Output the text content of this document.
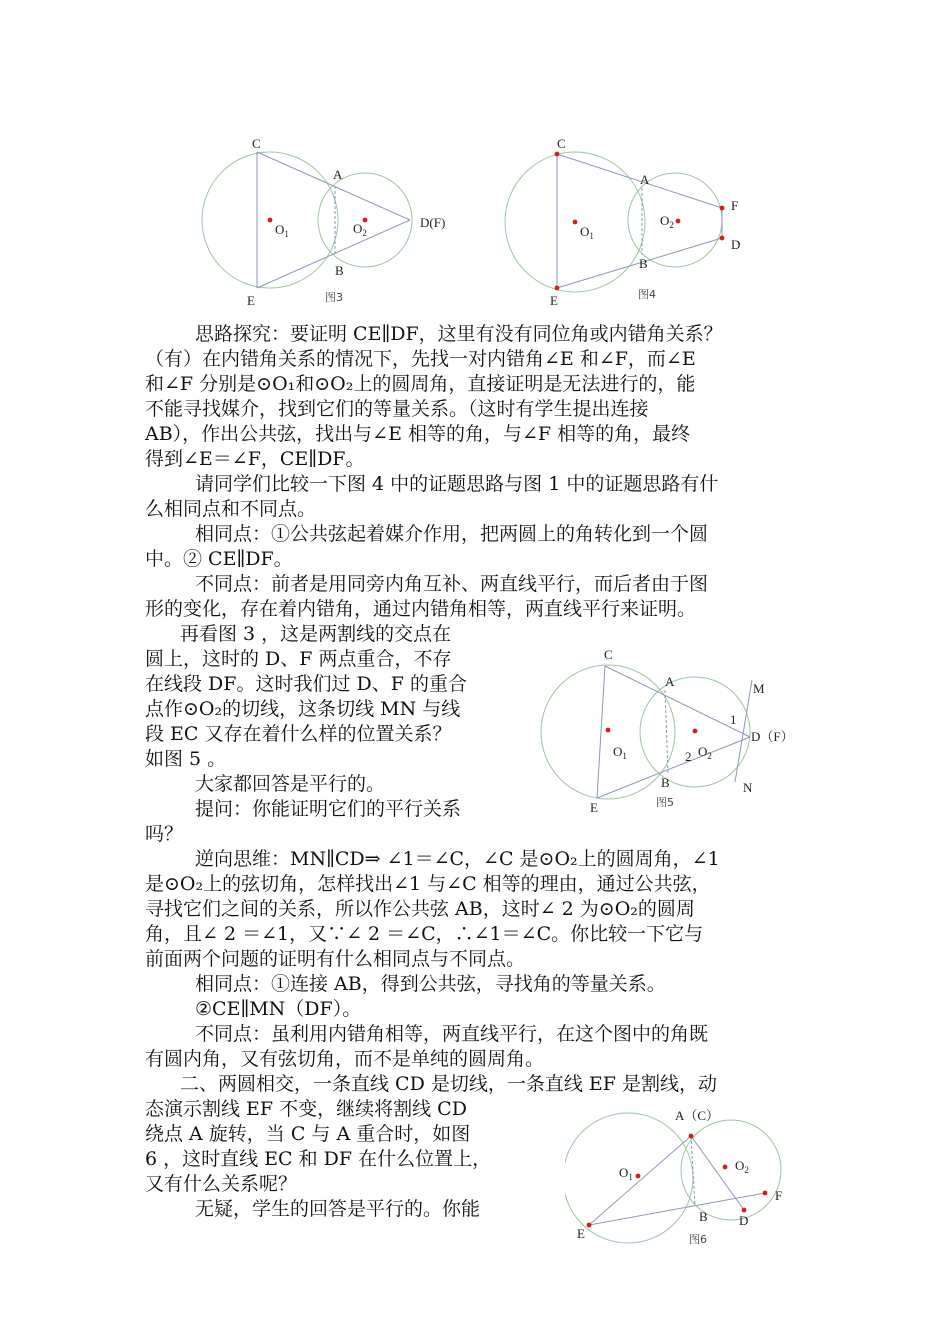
C
A
$O_1$	$O_2$
D(F)
B
E	图3
C
A
$O_1$
$O_2$
F
D
B
E	图4
C
A	M
1
2
$O_1$	$O_2$
D（F）
B	N
E	图5
A（C）
$O_1$
$O_2$
B
F
D
E	图6
思路探究：要证明 CE∥DF，这里有没有同位角或内错角关系？
（有）在内错角关系的情况下，先找一对内错角∠E 和∠F，而∠E
和∠F 分别是⊙O₁和⊙O₂上的圆周角，直接证明是无法进行的，能
不能寻找媒介，找到它们的等量关系。（这时有学生提出连接
AB），作出公共弦，找出与∠E 相等的角，与∠F 相等的角，最终
得到∠E＝∠F，CE∥DF。
请同学们比较一下图 4 中的证题思路与图 1 中的证题思路有什
么相同点和不同点。
相同点：①公共弦起着媒介作用，把两圆上的角转化到一个圆
中。② CE∥DF。
不同点：前者是用同旁内角互补、两直线平行，而后者由于图
形的变化，存在着内错角，通过内错角相等，两直线平行来证明。
再看图 3 ，这是两割线的交点在
圆上，这时的 D、F 两点重合，不存
在线段 DF。这时我们过 D、F 的重合
点作⊙O₂的切线，这条切线 MN 与线
段 EC 又存在着什么样的位置关系？
如图 5 。
大家都回答是平行的。
提问：你能证明它们的平行关系
吗？
逆向思维：MN∥CD⇒ ∠1＝∠C，∠C 是⊙O₂上的圆周角，∠1
是⊙O₂上的弦切角，怎样找出∠1 与∠C 相等的理由，通过公共弦，
寻找它们之间的关系，所以作公共弦 AB，这时∠ 2 为⊙O₂的圆周
角，且∠ 2 ＝∠1，又∵∠ 2 ＝∠C，∴∠1＝∠C。你比较一下它与
前面两个问题的证明有什么相同点与不同点。
相同点：①连接 AB，得到公共弦，寻找角的等量关系。
②CE∥MN（DF）。
不同点：虽利用内错角相等，两直线平行，在这个图中的角既
有圆内角，又有弦切角，而不是单纯的圆周角。
二、两圆相交，一条直线 CD 是切线，一条直线 EF 是割线，动
态演示割线 EF 不变，继续将割线 CD
绕点 A 旋转，当 C 与 A 重合时，如图
6 ，这时直线 EC 和 DF 在什么位置上，
又有什么关系呢？
无疑，学生的回答是平行的。你能
